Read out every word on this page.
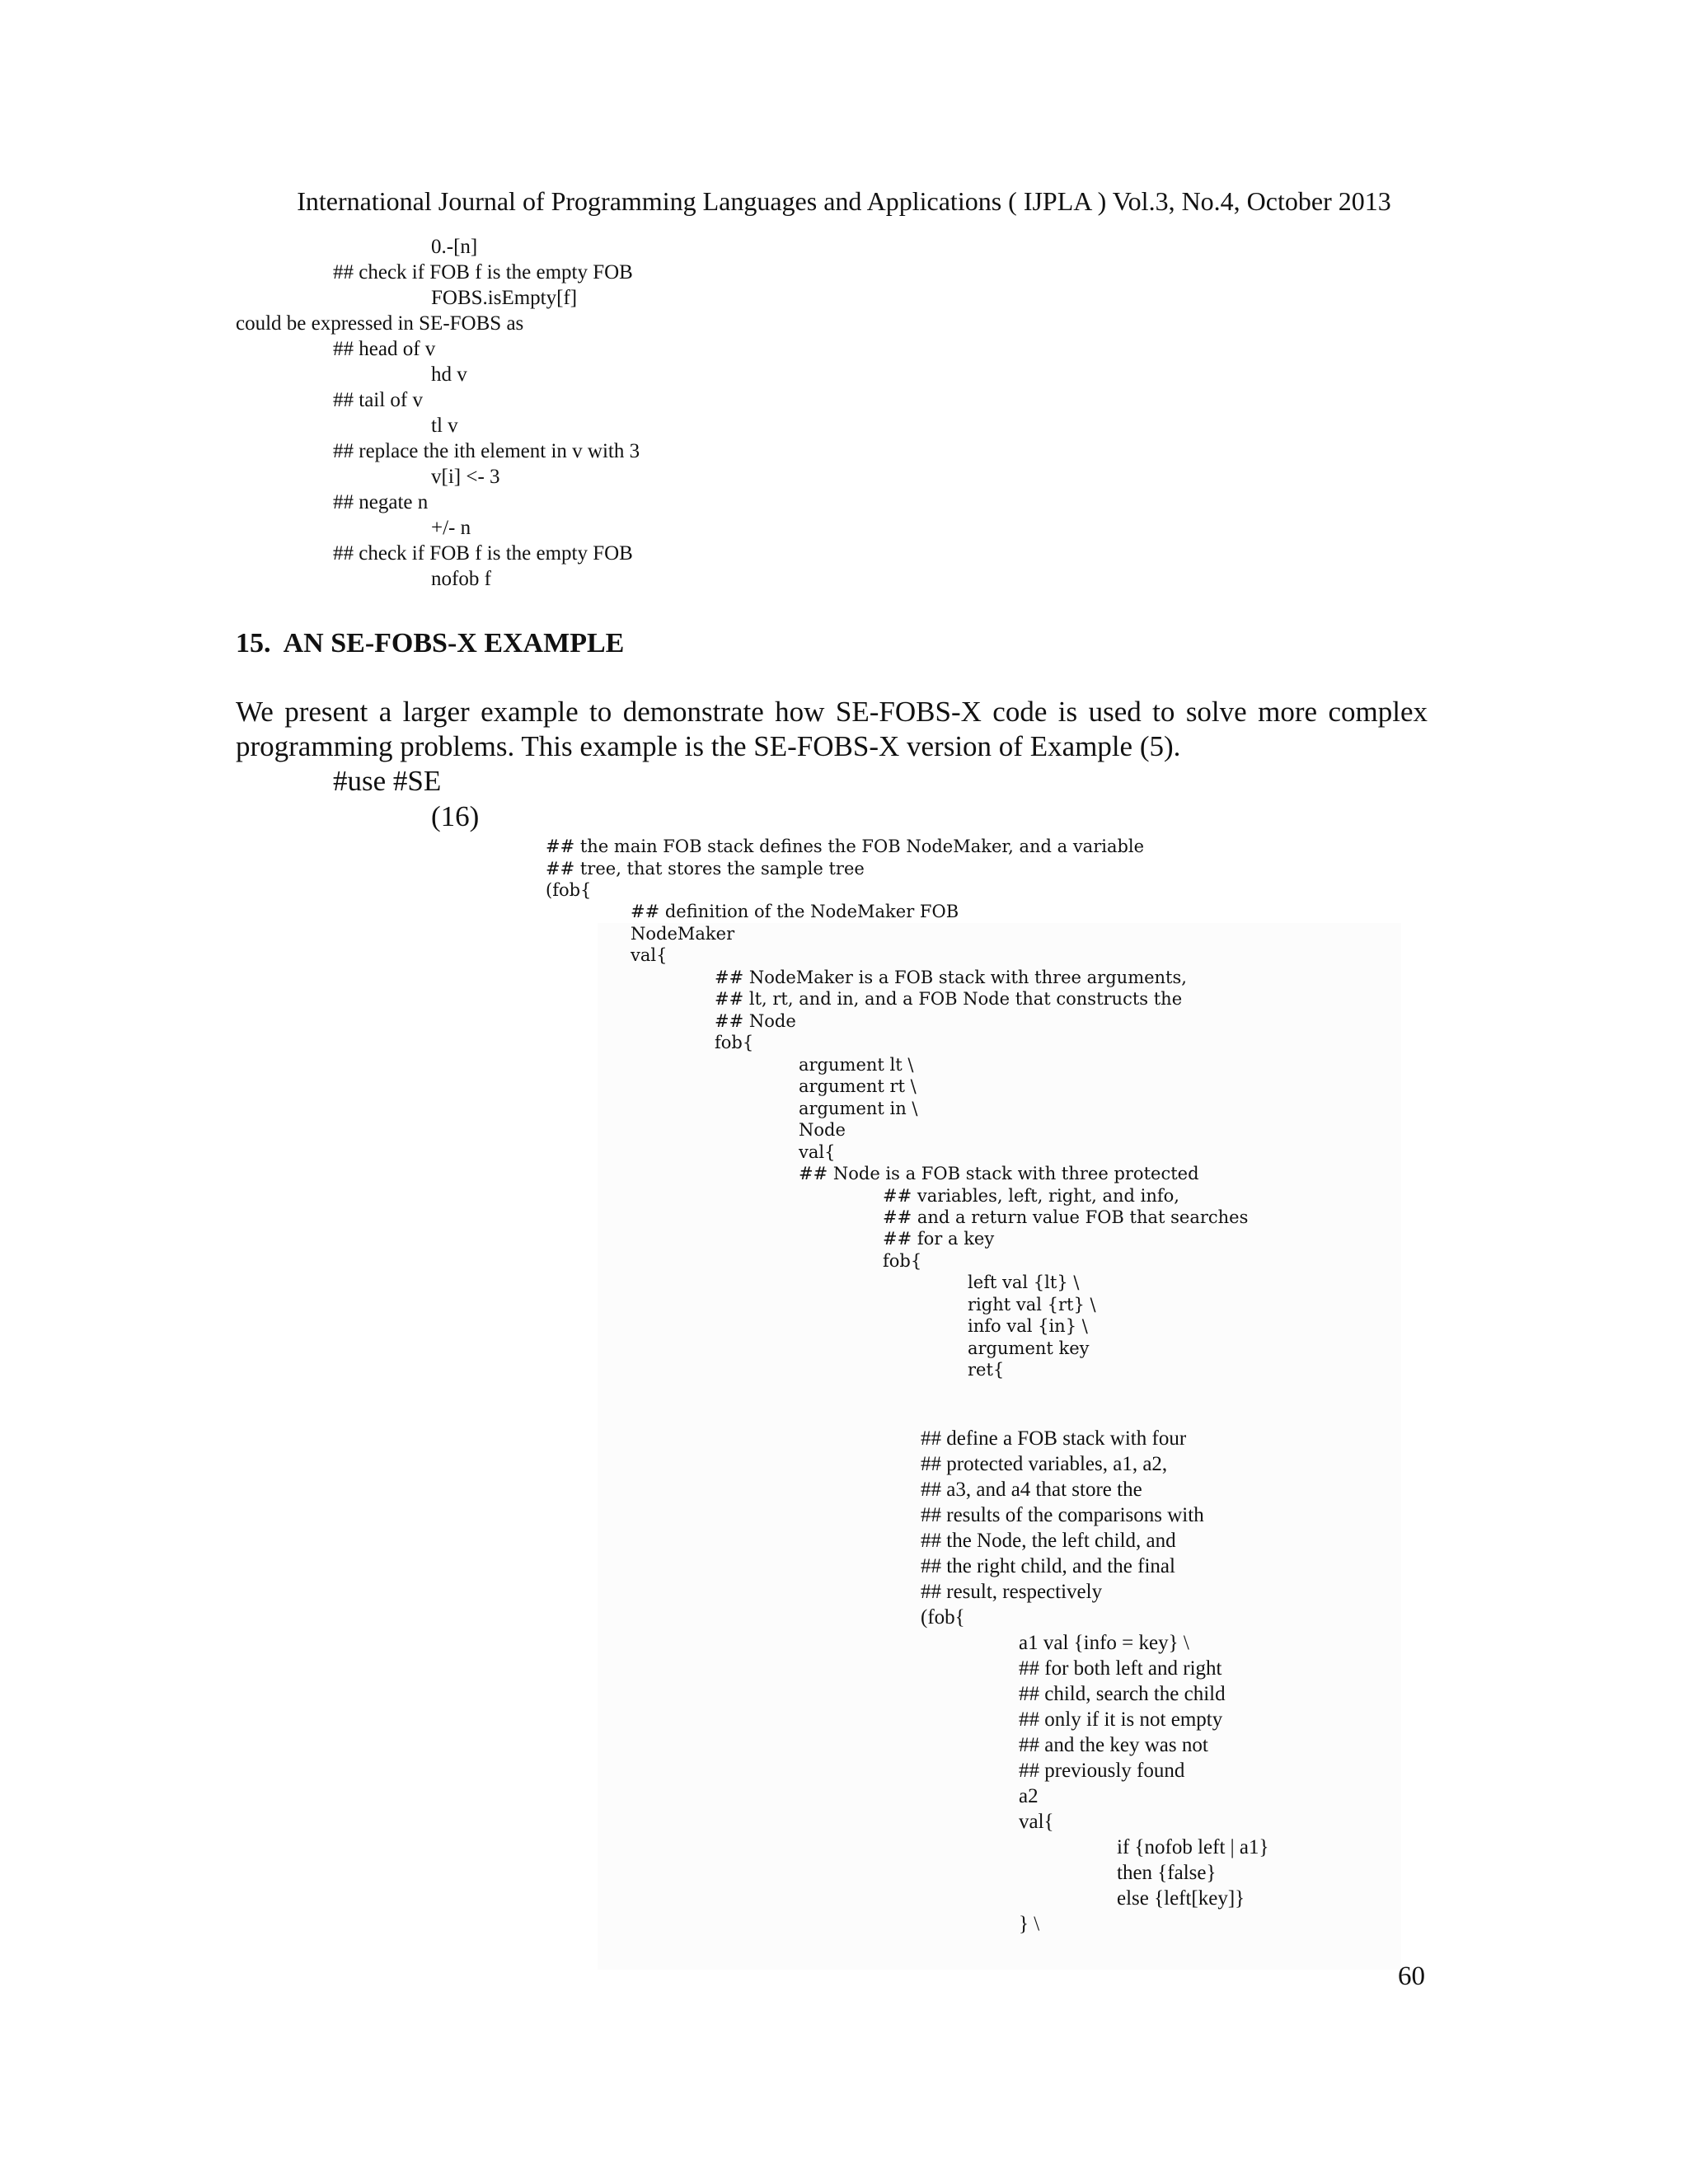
International Journal of Programming Languages and Applications ( IJPLA ) Vol.3, No.4, October 2013
0.-[n]
## check if FOB f is the empty FOB
FOBS.isEmpty[f]
could be expressed in SE-FOBS as
## head of v
hd v
## tail of v
tl v
## replace the ith element in v with 3
v[i] <- 3
## negate n
+/- n
## check if FOB f is the empty FOB
nofob f
15.  AN SE-FOBS-X EXAMPLE
We present a larger example to demonstrate how SE-FOBS-X code is used to solve more complex programming problems. This example is the SE-FOBS-X version of Example (5).
#use #SE
(16)
## the main FOB stack defines the FOB NodeMaker, and a variable
## tree, that stores the sample tree
(fob{
## definition of the NodeMaker FOB
NodeMaker
val{
## NodeMaker is a FOB stack with three arguments,
## lt, rt, and in, and a FOB Node that constructs the
## Node
fob{
argument lt \
argument rt \
argument in \
Node
val{
## Node is a FOB stack with three protected
## variables, left, right, and info,
## and a return value FOB that searches
## for a key
fob{
left val {lt} \
right val {rt} \
info val {in} \
argument key
ret{
## define a FOB stack with four
## protected variables, a1, a2,
## a3, and a4 that store the
## results of the comparisons with
## the Node, the left child, and
## the right child, and the final
## result, respectively
(fob{
a1 val {info = key} \
## for both left and right
## child, search the child
## only if it is not empty
## and the key was not
## previously found
a2
val{
if {nofob left | a1}
then {false}
else {left[key]}
} \
60
